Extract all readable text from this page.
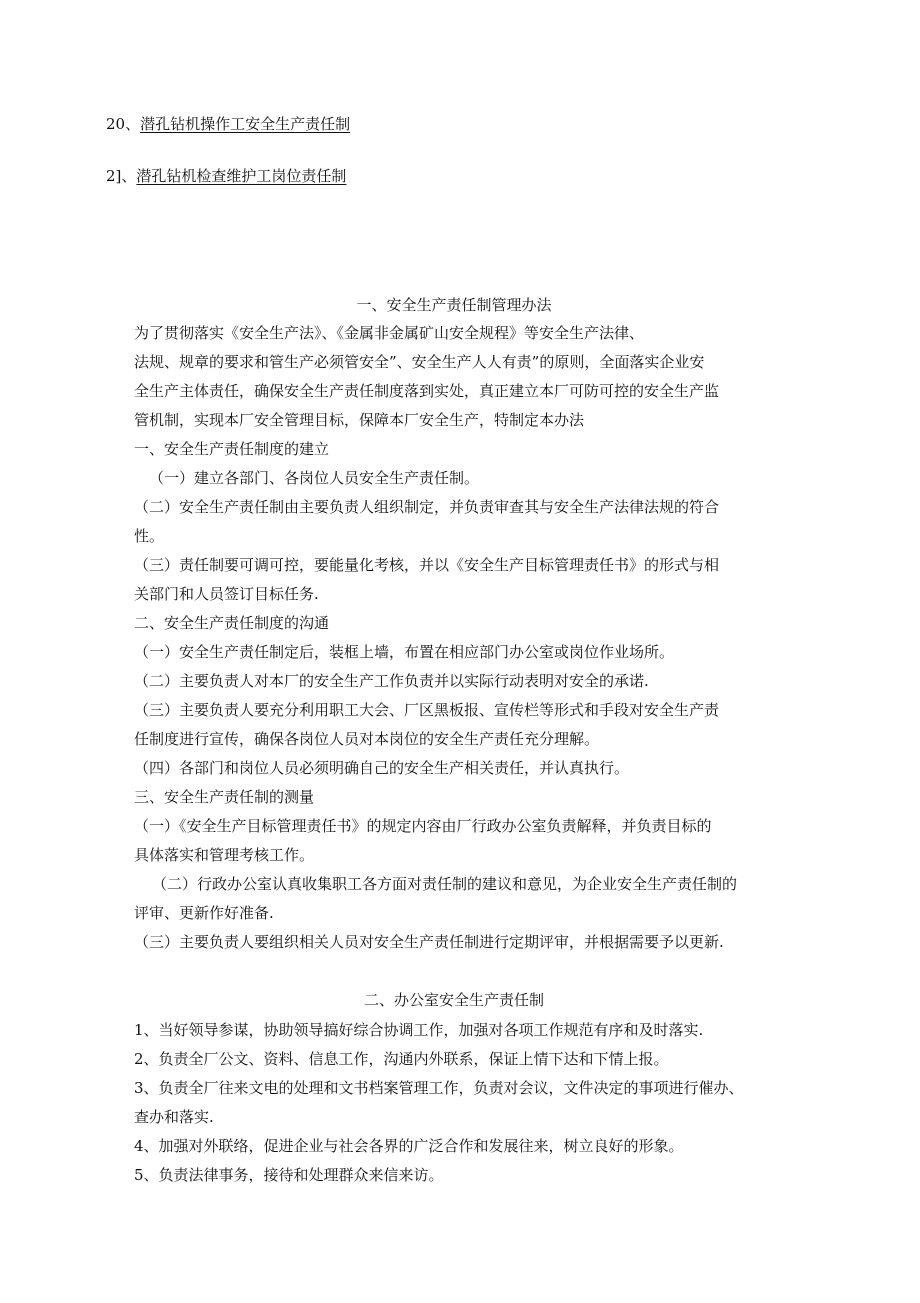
20、潜孔钻机操作工安全生产责任制
2]、潜孔钻机检查维护工岗位责任制
一、安全生产责任制管理办法
为了贯彻落实《安全生产法》、《金属非金属矿山安全规程》等安全生产法律、
法规、规章的要求和管生产必须管安全”、安全生产人人有责”的原则，全面落实企业安
全生产主体责任，确保安全生产责任制度落到实处，真正建立本厂可防可控的安全生产监
管机制，实现本厂安全管理目标，保障本厂安全生产，特制定本办法
一、安全生产责任制度的建立
（一）建立各部门、各岗位人员安全生产责任制。
（二）安全生产责任制由主要负责人组织制定，并负责审查其与安全生产法律法规的符合
性。
（三）责任制要可调可控，要能量化考核，并以《安全生产目标管理责任书》的形式与相
关部门和人员签订目标任务.
二、安全生产责任制度的沟通
（一）安全生产责任制定后，装框上墙，布置在相应部门办公室或岗位作业场所。
（二）主要负责人对本厂的安全生产工作负责并以实际行动表明对安全的承诺.
（三）主要负责人要充分利用职工大会、厂区黑板报、宣传栏等形式和手段对安全生产责
任制度进行宣传，确保各岗位人员对本岗位的安全生产责任充分理解。
（四）各部门和岗位人员必须明确自己的安全生产相关责任，并认真执行。
三、安全生产责任制的测量
（一）《安全生产目标管理责任书》的规定内容由厂行政办公室负责解释，并负责目标的
具体落实和管理考核工作。
（二）行政办公室认真收集职工各方面对责任制的建议和意见，为企业安全生产责任制的
评审、更新作好准备.
（三）主要负责人要组织相关人员对安全生产责任制进行定期评审，并根据需要予以更新.
二、办公室安全生产责任制
1、当好领导参谋，协助领导搞好综合协调工作，加强对各项工作规范有序和及时落实.
2、负责全厂公文、资料、信息工作，沟通内外联系，保证上情下达和下情上报。
3、负责全厂往来文电的处理和文书档案管理工作，负责对会议，文件决定的事项进行催办、
查办和落实.
4、加强对外联络，促进企业与社会各界的广泛合作和发展往来，树立良好的形象。
5、负责法律事务，接待和处理群众来信来访。
